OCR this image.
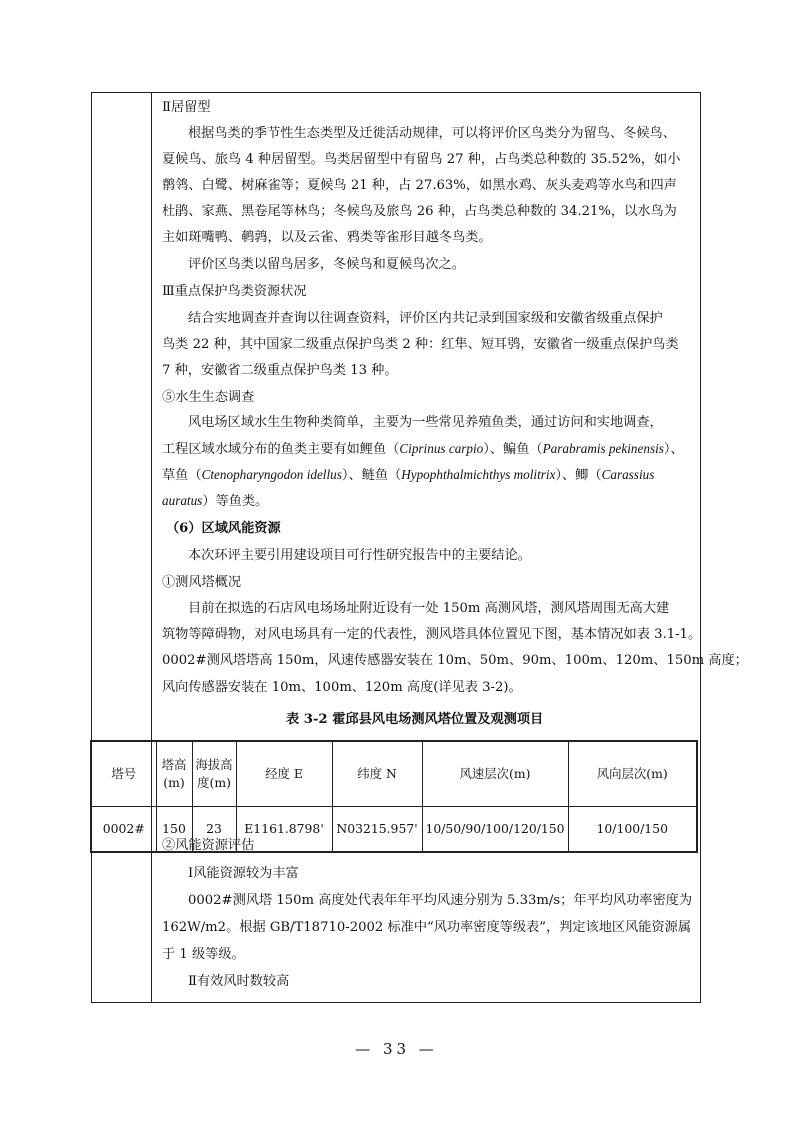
Ⅱ居留型
根据鸟类的季节性生态类型及迁徙活动规律，可以将评价区鸟类分为留鸟、冬候鸟、
夏候鸟、旅鸟 4 种居留型。鸟类居留型中有留鸟 27 种，占鸟类总种数的 35.52%，如小
鹡鸰、白鹭、树麻雀等；夏候鸟 21 种，占 27.63%，如黑水鸡、灰头麦鸡等水鸟和四声
杜鹃、家燕、黑卷尾等林鸟；冬候鸟及旅鸟 26 种，占鸟类总种数的 34.21%，以水鸟为
主如斑嘴鸭、鹌鹑，以及云雀、鸦类等雀形目越冬鸟类。
评价区鸟类以留鸟居多，冬候鸟和夏候鸟次之。
Ⅲ重点保护鸟类资源状况
结合实地调查并查询以往调查资料，评价区内共记录到国家级和安徽省级重点保护
鸟类 22 种，其中国家二级重点保护鸟类 2 种：红隼、短耳鸮，安徽省一级重点保护鸟类
7 种，安徽省二级重点保护鸟类 13 种。
⑤水生生态调查
风电场区域水生生物种类简单，主要为一些常见养殖鱼类，通过访问和实地调查，
工程区域水域分布的鱼类主要有如鲤鱼（Ciprinus carpio）、鳊鱼（Parabramis pekinensis）、
草鱼（Ctenopharyngodon idellus）、鲢鱼（Hypophthalmichthys molitrix）、鲫（Carassius
auratus）等鱼类。
（6）区域风能资源
本次环评主要引用建设项目可行性研究报告中的主要结论。
①测风塔概况
目前在拟选的石店风电场场址附近设有一处 150m 高测风塔，测风塔周围无高大建
筑物等障碍物，对风电场具有一定的代表性，测风塔具体位置见下图，基本情况如表 3.1-1。
0002#测风塔塔高 150m，风速传感器安装在 10m、50m、90m、100m、120m、150m 高度；
风向传感器安装在 10m、100m、120m 高度(详见表 3-2)。
表 3-2 霍邱县风电场测风塔位置及观测项目
②风能资源评估
Ⅰ风能资源较为丰富
0002#测风塔 150m 高度处代表年年平均风速分别为 5.33m/s；年平均风功率密度为
162W/m2。根据 GB/T18710-2002 标准中“风功率密度等级表”，判定该地区风能资源属
于 1 级等级。
Ⅱ有效风时数较高
塔号	塔高(m)	海拔高度(m)	经度 E	纬度 N	风速层次(m)	风向层次(m)
0002#	150	23	E1161.8798'	N03215.957'	10/50/90/100/120/150	10/100/150
— 33 —
